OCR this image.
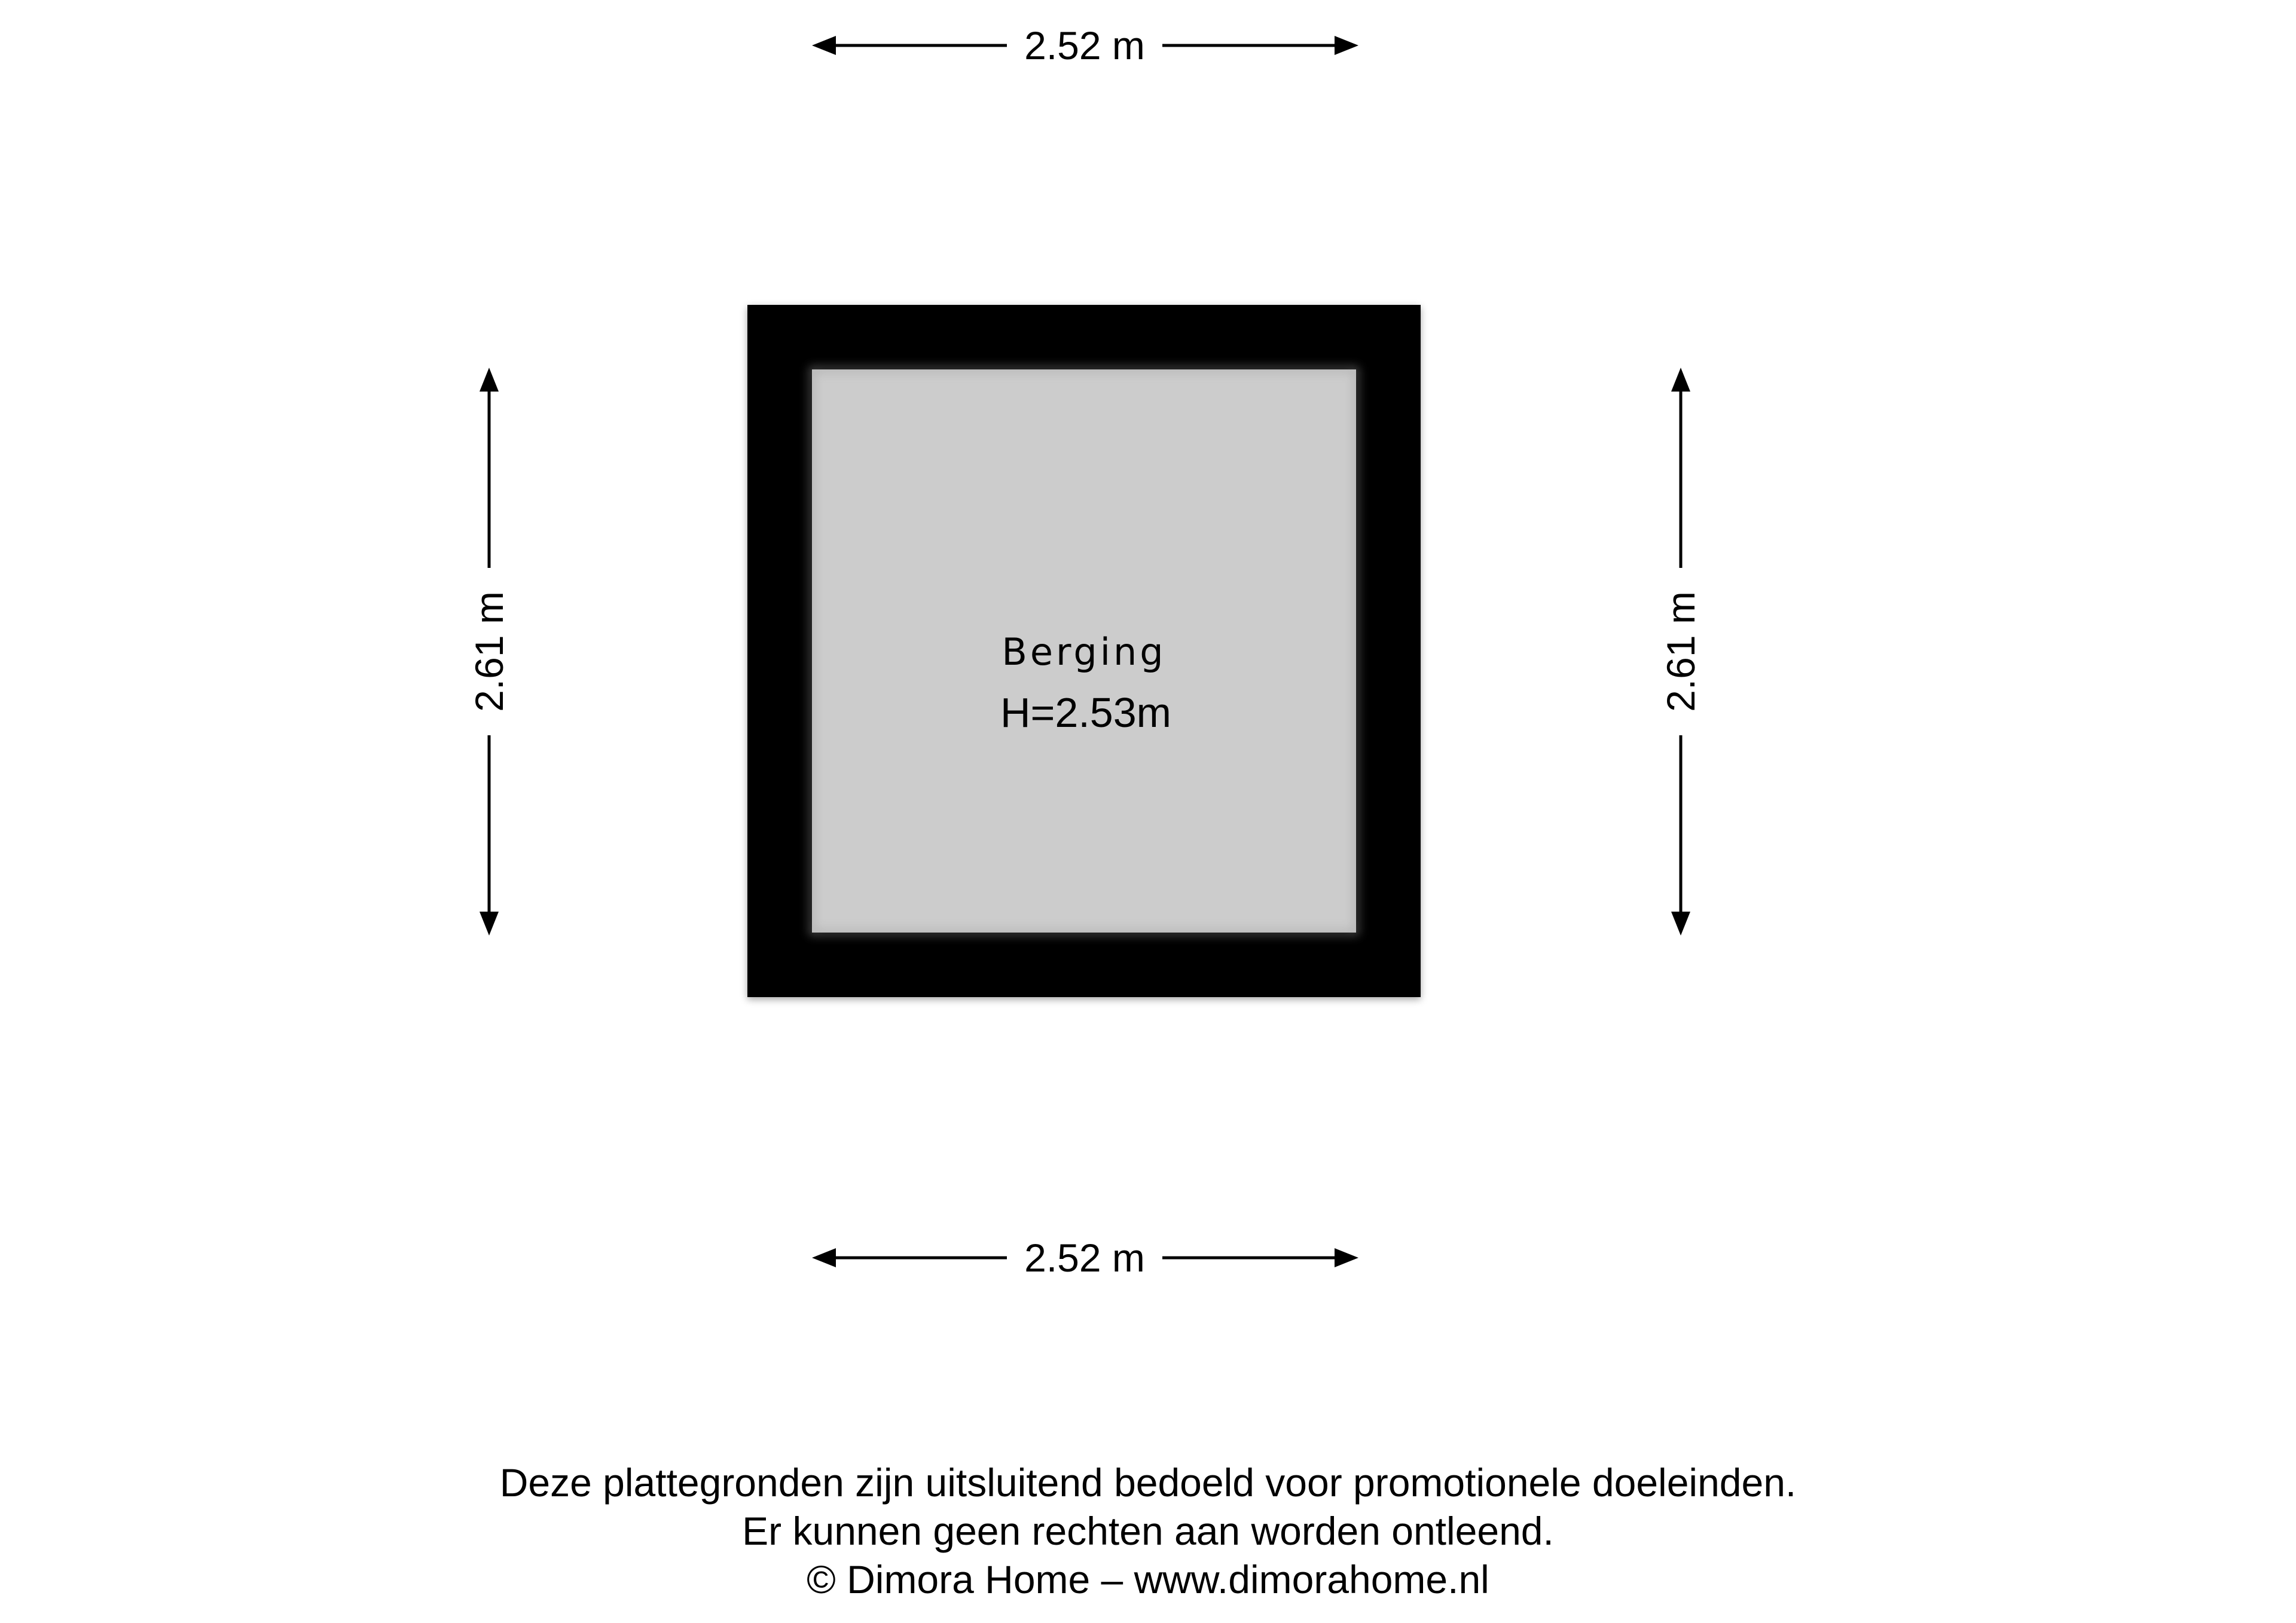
Berging
H=2.53m
2.52 m
2.52 m
2.61 m	2.61 m
Deze plattegronden zijn uitsluitend bedoeld voor promotionele doeleinden.
Er kunnen geen rechten aan worden ontleend.
© Dimora Home – www.dimorahome.nl
